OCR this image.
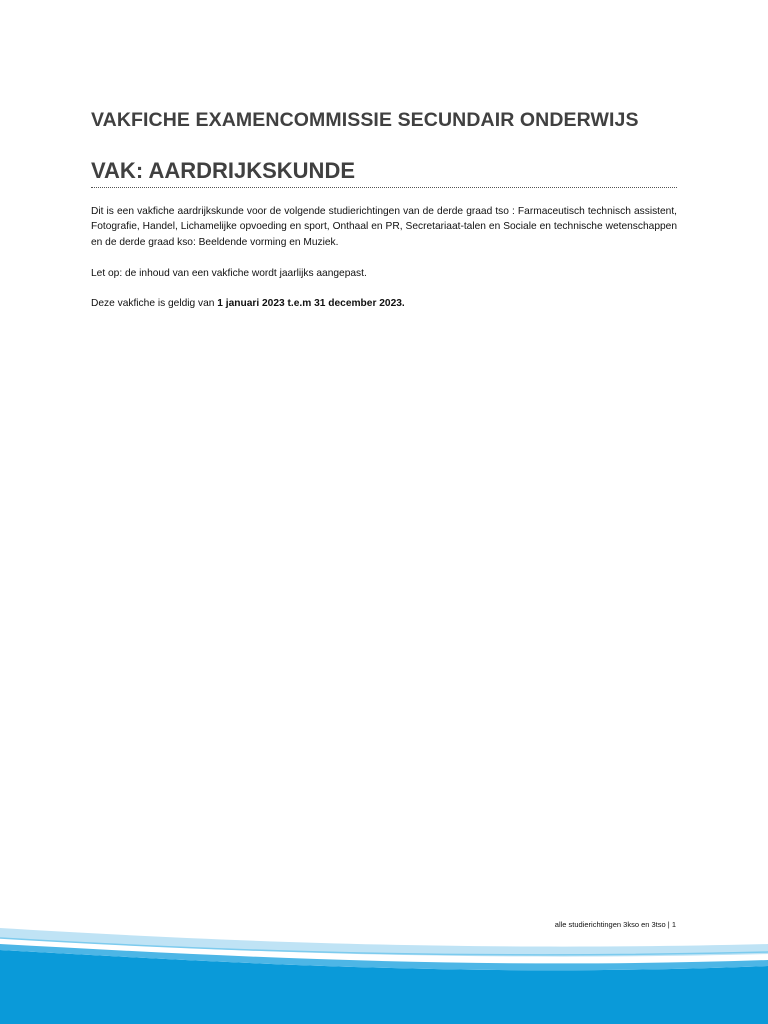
VAKFICHE EXAMENCOMMISSIE SECUNDAIR ONDERWIJS
VAK: AARDRIJKSKUNDE

Dit is een vakfiche aardrijkskunde voor de volgende studierichtingen van de derde graad tso : Farmaceutisch technisch assistent, Fotografie, Handel, Lichamelijke opvoeding en sport, Onthaal en PR, Secretariaat-talen en Sociale en technische wetenschappen en de derde graad kso: Beeldende vorming en Muziek.

Let op: de inhoud van een vakfiche wordt jaarlijks aangepast.

Deze vakfiche is geldig van 1 januari 2023 t.e.m 31 december 2023.

alle studierichtingen 3kso en 3tso | 1
